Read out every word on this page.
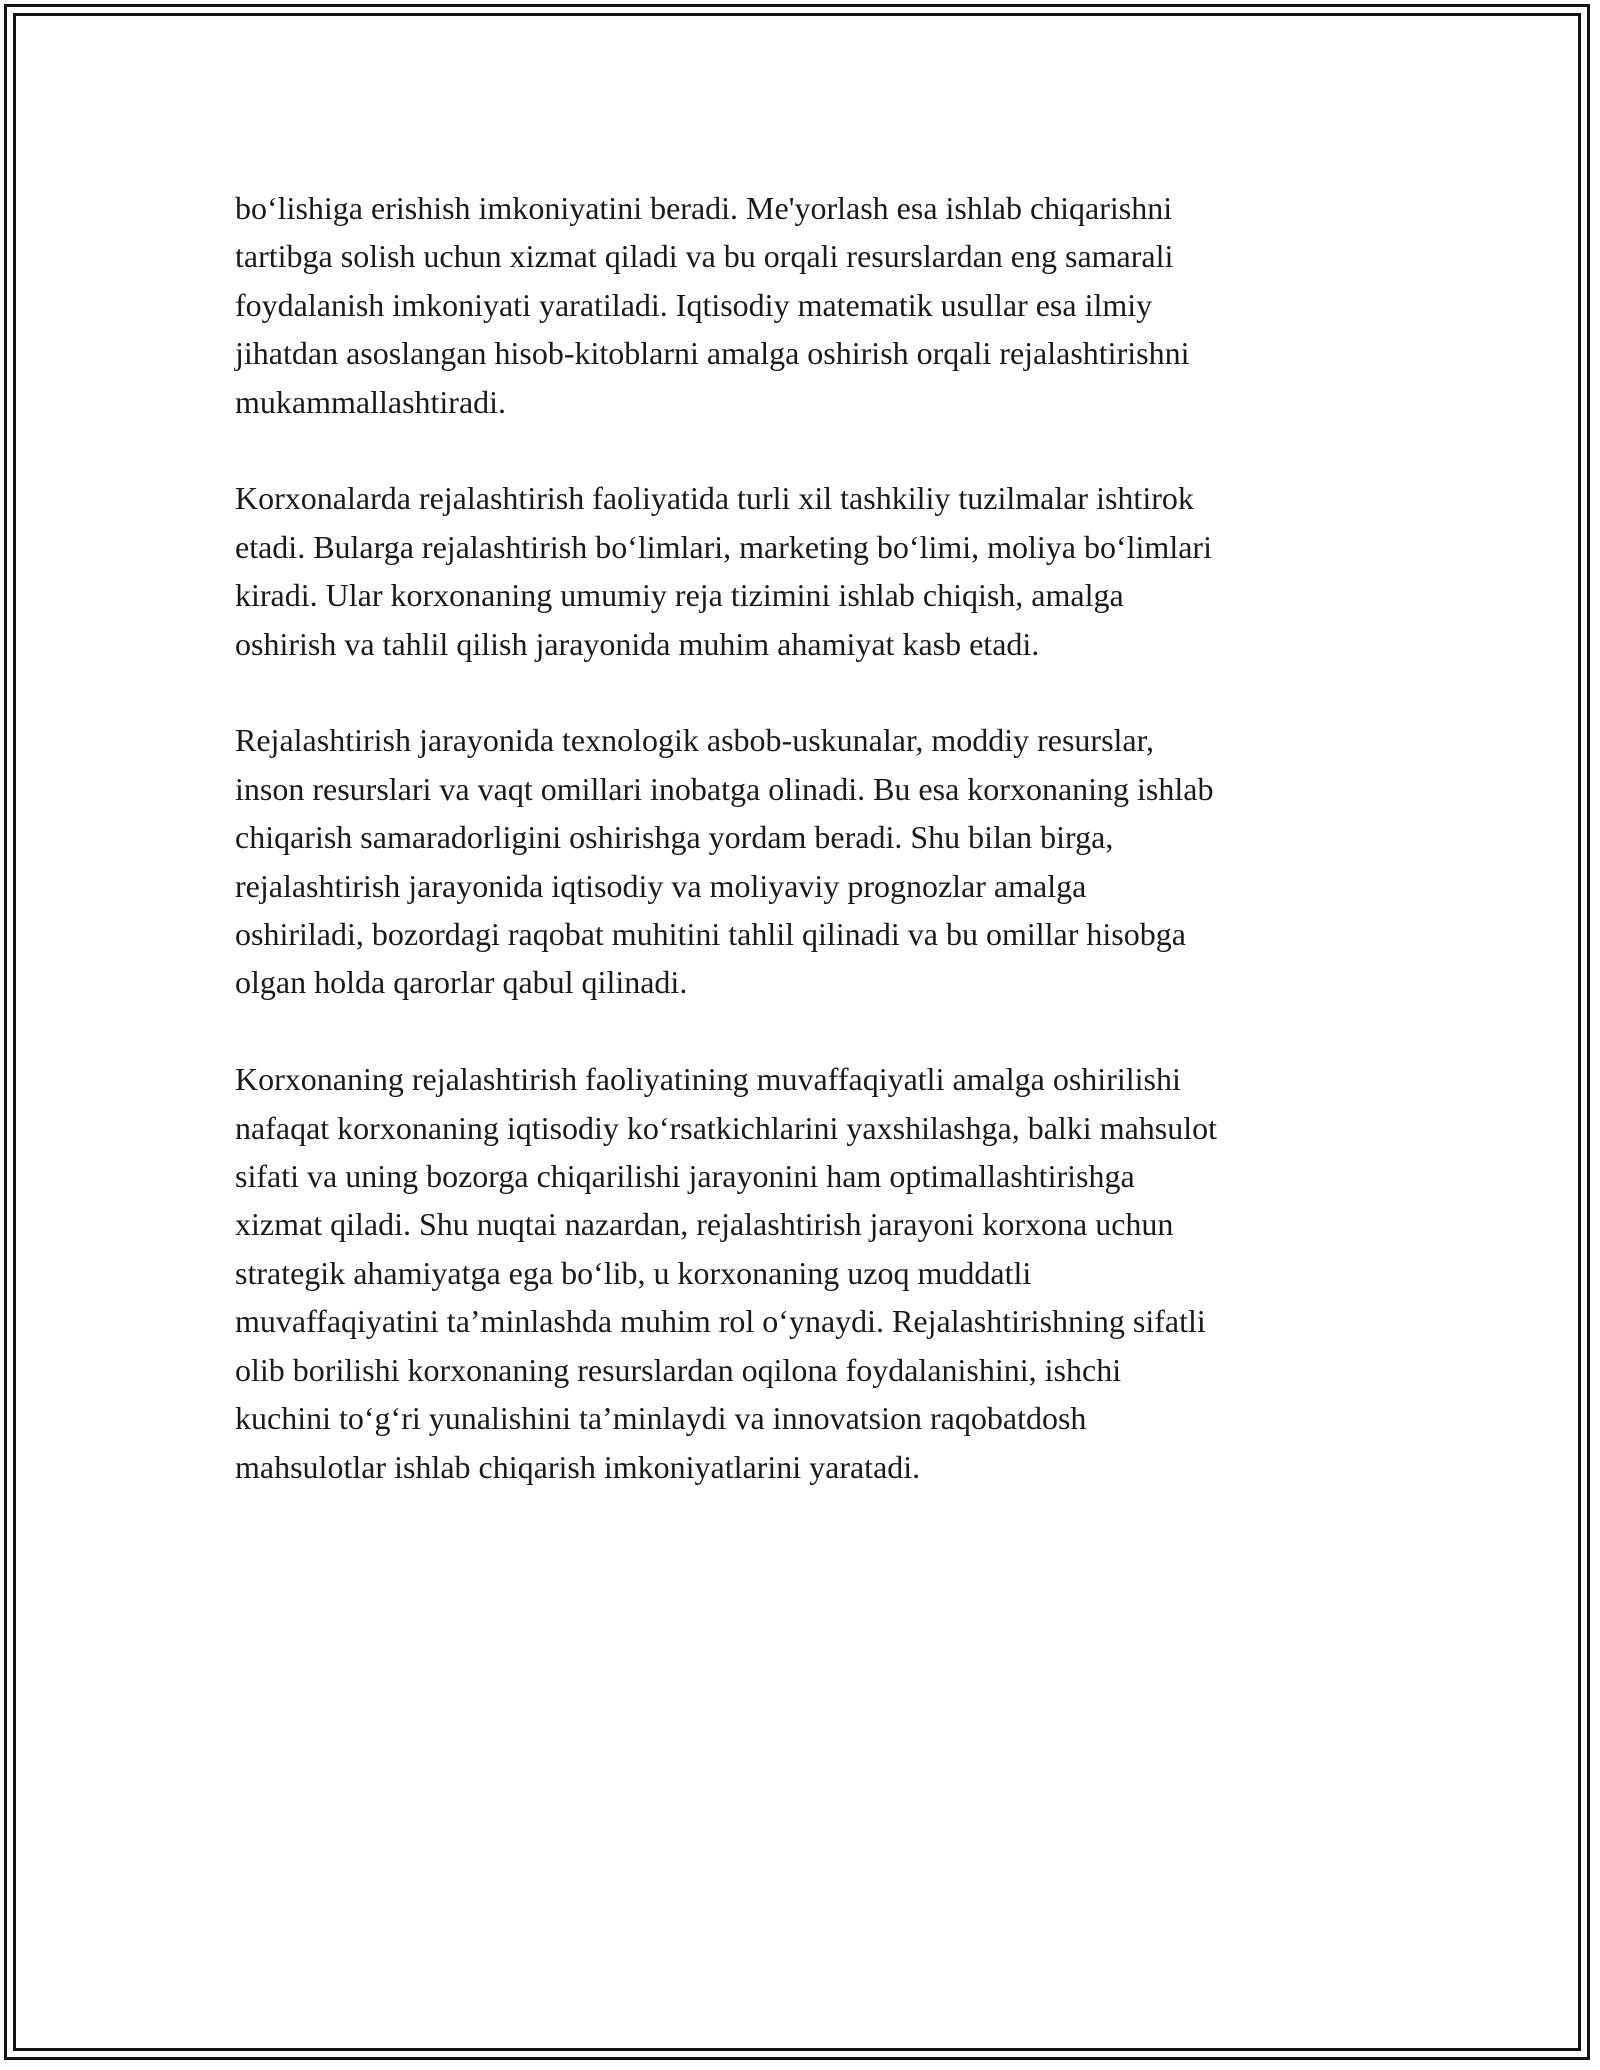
bo‘lishiga erishish imkoniyatini beradi. Me'yorlash esa ishlab chiqarishni
tartibga solish uchun xizmat qiladi va bu orqali resurslardan eng samarali
foydalanish imkoniyati yaratiladi. Iqtisodiy matematik usullar esa ilmiy
jihatdan asoslangan hisob-kitoblarni amalga oshirish orqali rejalashtirishni
mukammallashtiradi.

Korxonalarda rejalashtirish faoliyatida turli xil tashkiliy tuzilmalar ishtirok
etadi. Bularga rejalashtirish bo‘limlari, marketing bo‘limi, moliya bo‘limlari
kiradi. Ular korxonaning umumiy reja tizimini ishlab chiqish, amalga
oshirish va tahlil qilish jarayonida muhim ahamiyat kasb etadi.

Rejalashtirish jarayonida texnologik asbob-uskunalar, moddiy resurslar,
inson resurslari va vaqt omillari inobatga olinadi. Bu esa korxonaning ishlab
chiqarish samaradorligini oshirishga yordam beradi. Shu bilan birga,
rejalashtirish jarayonida iqtisodiy va moliyaviy prognozlar amalga
oshiriladi, bozordagi raqobat muhitini tahlil qilinadi va bu omillar hisobga
olgan holda qarorlar qabul qilinadi.

Korxonaning rejalashtirish faoliyatining muvaffaqiyatli amalga oshirilishi
nafaqat korxonaning iqtisodiy ko‘rsatkichlarini yaxshilashga, balki mahsulot
sifati va uning bozorga chiqarilishi jarayonini ham optimallashtirishga
xizmat qiladi. Shu nuqtai nazardan, rejalashtirish jarayoni korxona uchun
strategik ahamiyatga ega bo‘lib, u korxonaning uzoq muddatli
muvaffaqiyatini ta’minlashda muhim rol o‘ynaydi. Rejalashtirishning sifatli
olib borilishi korxonaning resurslardan oqilona foydalanishini, ishchi
kuchini to‘g‘ri yunalishini ta’minlaydi va innovatsion raqobatdosh
mahsulotlar ishlab chiqarish imkoniyatlarini yaratadi.
